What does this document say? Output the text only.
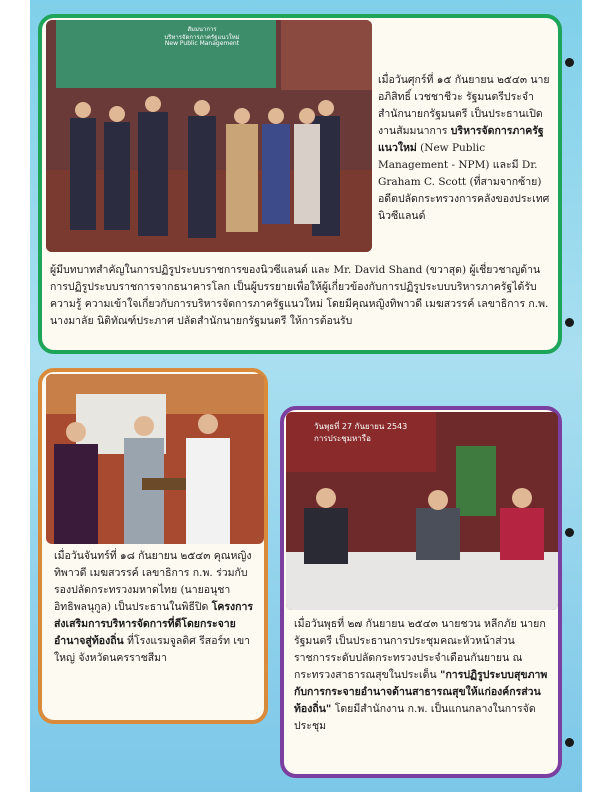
สัมมนาการ
บริหารจัดการภาครัฐแนวใหม่
New Public Management
เมื่อวันศุกร์ที่ ๑๕ กันยายน ๒๕๔๓ นายอภิสิทธิ์ เวชชาชีวะ รัฐมนตรีประจำสำนักนายกรัฐมนตรี เป็นประธานเปิดงานสัมมนาการ บริหารจัดการภาครัฐแนวใหม่ (New Public Management - NPM) และมี Dr. Graham C. Scott (ที่สามจากซ้าย) อดีตปลัดกระทรวงการคลังของประเทศนิวซีแลนด์
ผู้มีบทบาทสำคัญในการปฏิรูประบบราชการของนิวซีแลนด์ และ Mr. David Shand (ขวาสุด) ผู้เชี่ยวชาญด้านการปฏิรูประบบราชการจากธนาคารโลก เป็นผู้บรรยายเพื่อให้ผู้เกี่ยวข้องกับการปฏิรูประบบบริหารภาครัฐได้รับความรู้ ความเข้าใจเกี่ยวกับการบริหารจัดการภาครัฐแนวใหม่ โดยมีคุณหญิงทิพาวดี เมฆสวรรค์ เลขาธิการ ก.พ. นางมาลัย นิติทัณฑ์ประภาศ ปลัดสำนักนายกรัฐมนตรี ให้การต้อนรับ
เมื่อวันจันทร์ที่ ๑๘ กันยายน ๒๕๔๓ คุณหญิงทิพาวดี เมฆสวรรค์ เลขาธิการ ก.พ. ร่วมกับรองปลัดกระทรวงมหาดไทย (นายอนุชา อิทธิพลนุกูล) เป็นประธานในพิธีปิด โครงการส่งเสริมการบริหารจัดการที่ดีโดยกระจายอำนาจสู่ท้องถิ่น ที่โรงแรมจูลดิศ รีสอร์ท เขาใหญ่ จังหวัดนครราชสีมา
วันพุธที่ 27 กันยายน 2543
การประชุมหารือ
เมื่อวันพุธที่ ๒๗ กันยายน ๒๕๔๓ นายชวน หลีกภัย นายกรัฐมนตรี เป็นประธานการประชุมคณะหัวหน้าส่วนราชการระดับปลัดกระทรวงประจำเดือนกันยายน ณ กระทรวงสาธารณสุขในประเด็น "การปฏิรูประบบสุขภาพกับการกระจายอำนาจด้านสาธารณสุขให้แก่องค์กรส่วนท้องถิ่น" โดยมีสำนักงาน ก.พ. เป็นแกนกลางในการจัดประชุม
